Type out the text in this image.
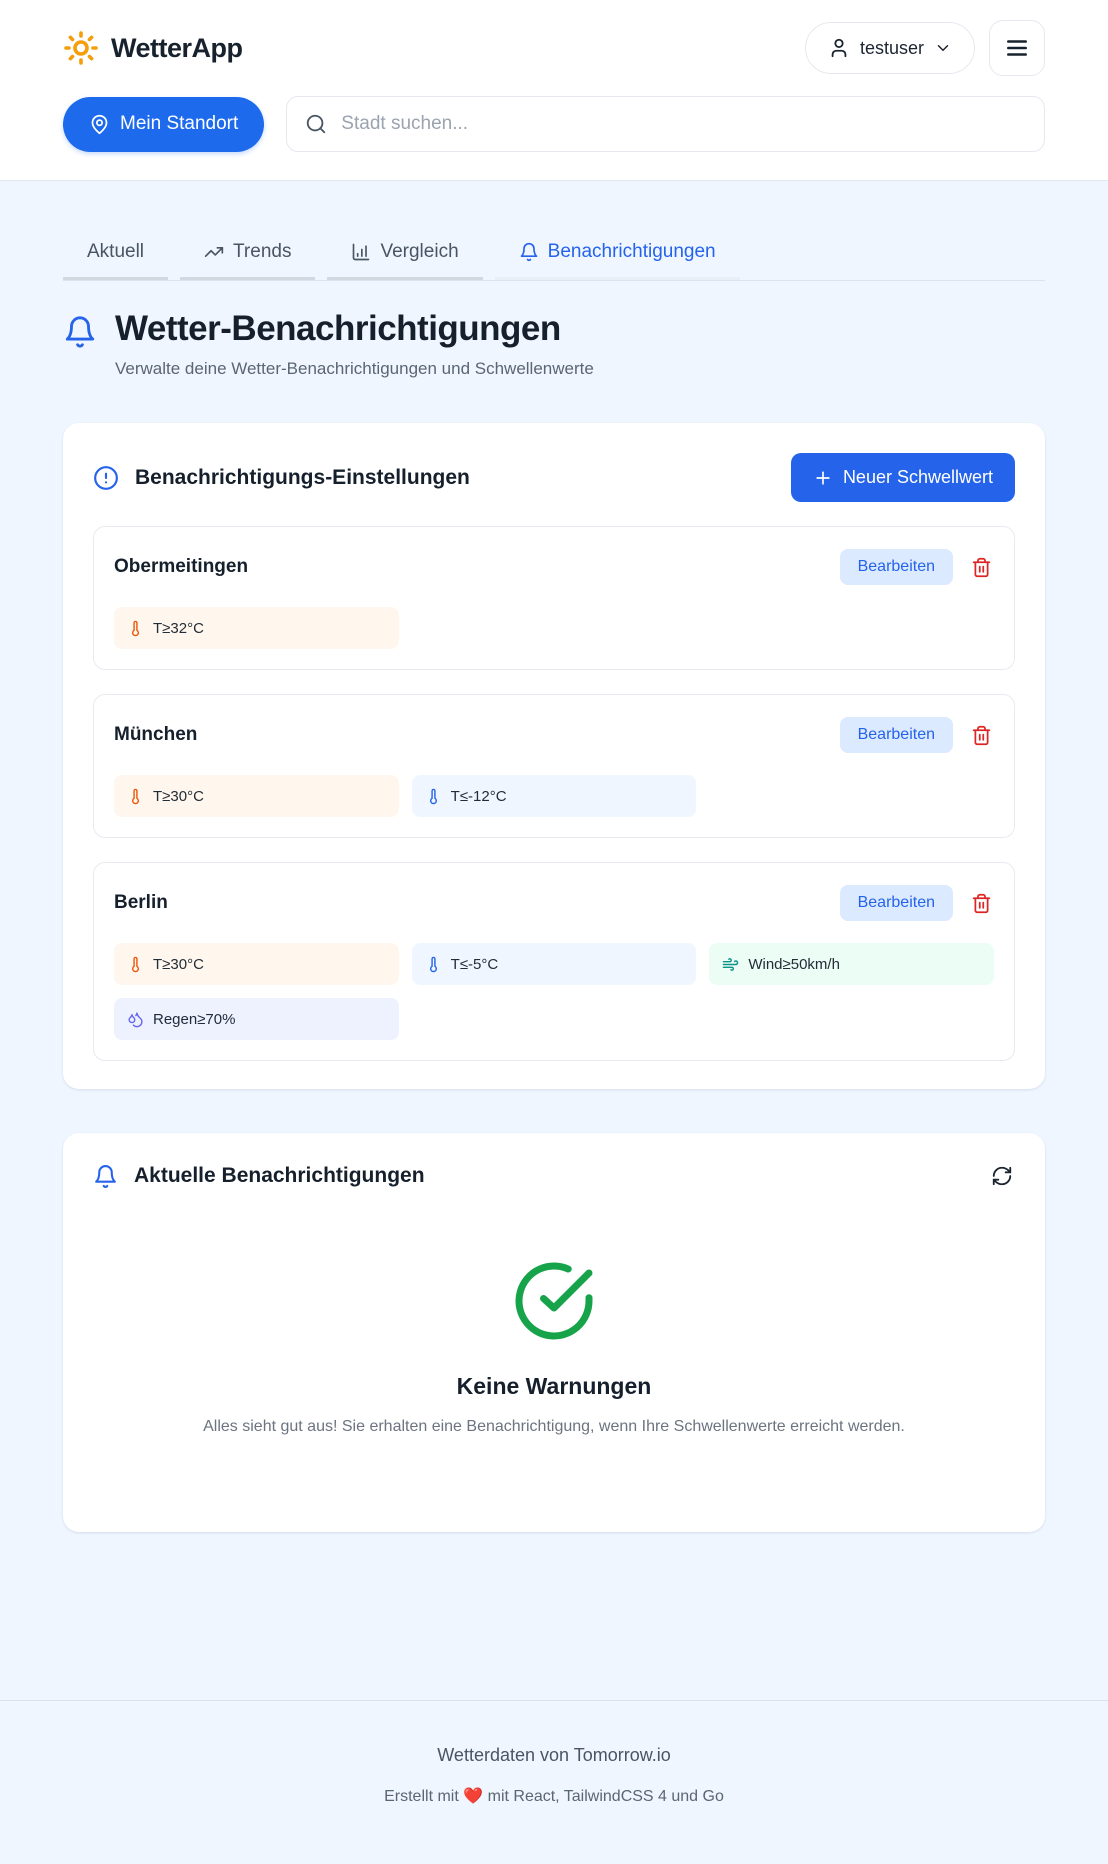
WetterApp	testuser
Mein Standort
Stadt suchen...
Aktuell	Trends	Vergleich	Benachrichtigungen
Wetter-Benachrichtigungen
Verwalte deine Wetter-Benachrichtigungen und Schwellenwerte
Benachrichtigungs-Einstellungen	Neuer Schwellwert
Obermeitingen	Bearbeiten
T≥32°C
München	Bearbeiten
T≥30°C	T≤-12°C
Berlin	Bearbeiten
T≥30°C	T≤-5°C	Wind≥50km/h
Regen≥70%
Aktuelle Benachrichtigungen
Keine Warnungen
Alles sieht gut aus! Sie erhalten eine Benachrichtigung, wenn Ihre Schwellenwerte erreicht werden.
Wetterdaten von Tomorrow.io
Erstellt mit ❤️ mit React, TailwindCSS 4 und Go
